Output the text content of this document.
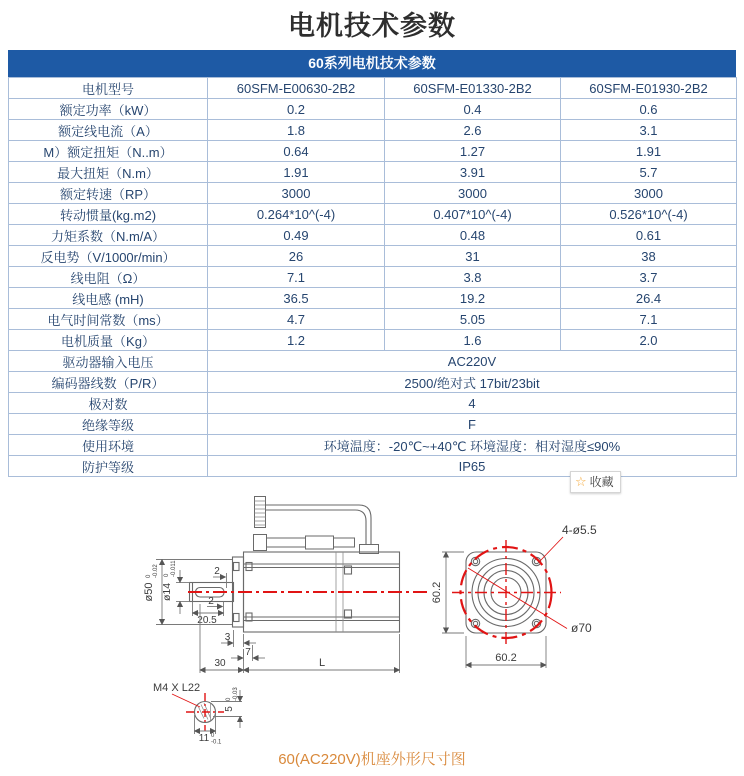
电机技术参数
60系列电机技术参数
电机型号	60SFM-E00630-2B2	60SFM-E01330-2B2	60SFM-E01930-2B2
额定功率（kW）	0.2	0.4	0.6
额定线电流（A）	1.8	2.6	3.1
M）额定扭矩（N..m）	0.64	1.27	1.91
最大扭矩（N.m）	1.91	3.91	5.7
额定转速（RP）	3000	3000	3000
转动惯量(kg.m2)	0.264*10^(-4)	0.407*10^(-4)	0.526*10^(-4)
力矩系数（N.m/A）	0.49	0.48	0.61
反电势（V/1000r/min）	26	31	38
线电阻（Ω）	7.1	3.8	3.7
线电感 (mH)	36.5	19.2	26.4
电气时间常数（ms）	4.7	5.05	7.1
电机质量（Kg）	1.2	1.6	2.0
驱动器输入电压	AC220V		
编码器线数（P/R）	2500/绝对式 17bit/23bit		
极对数	4		
绝缘等级	F		
使用环境	环境温度：-20℃~+40℃ 环境湿度：相对湿度≤90%		
防护等级	IP65		
☆ 收藏
ø50
0 -0.02
ø14
0 -0.011	2
2
20.5
3
7
30	L
4-ø5.5
ø70
60.2
60.2
M4 X L22
5
0 -0.03
11 0
-0.1
60(AC220V)机座外形尺寸图
